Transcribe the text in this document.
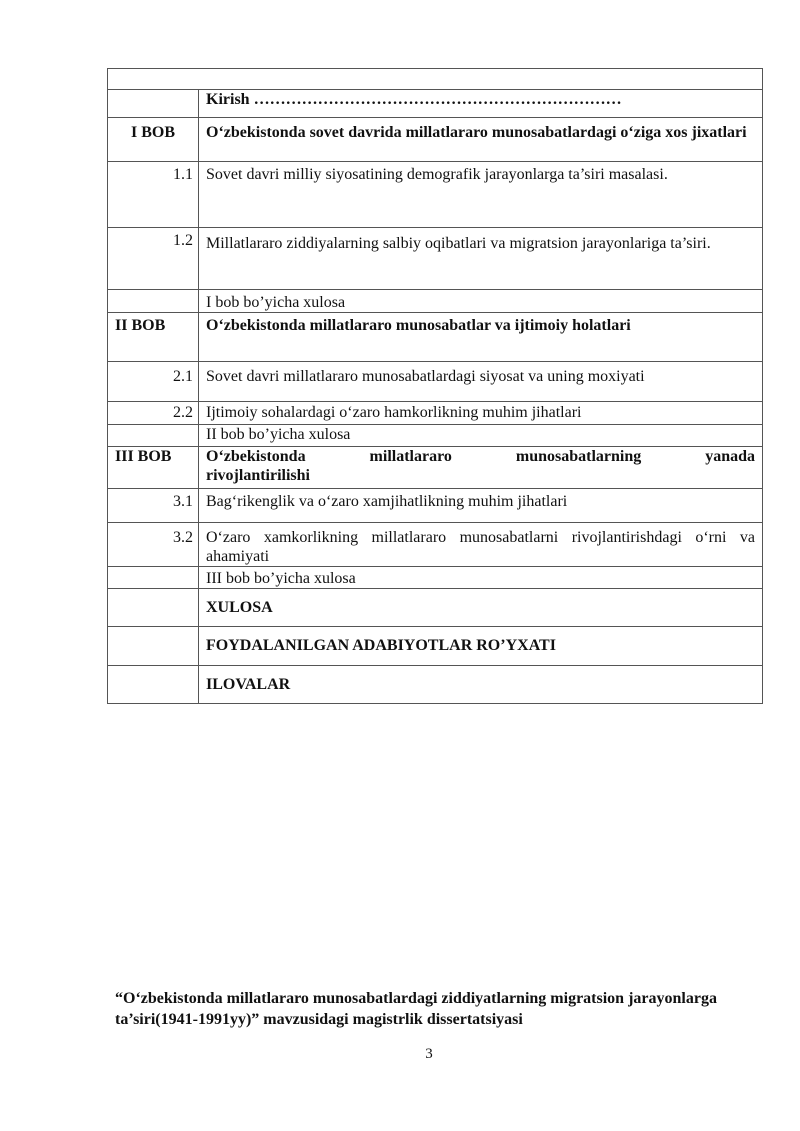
	Kirish ……………………………………………………………
I BOB	O‘zbekistonda sovet davrida millatlararo munosabatlardagi o‘ziga xos jixatlari
1.1	Sovet davri milliy siyosatining demografik jarayonlarga ta’siri masalasi.
1.2	Millatlararo ziddiyalarning salbiy oqibatlari va migratsion jarayonlariga ta’siri.
	I bob bo’yicha xulosa
II BOB	O‘zbekistonda millatlararo munosabatlar va ijtimoiy holatlari
2.1	Sovet davri millatlararo munosabatlardagi siyosat va uning moxiyati
2.2	Ijtimoiy sohalardagi o‘zaro hamkorlikning muhim jihatlari
	II bob bo’yicha xulosa
III BOB	O‘zbekistonda millatlararo munosabatlarning yanada
rivojlantirilishi

3.1	Bag‘rikenglik va o‘zaro xamjihatlikning muhim jihatlari
3.2	O‘zaro xamkorlikning millatlararo munosabatlarni rivojlantirishdagi o‘rni va ahamiyati
	III bob bo’yicha xulosa
	XULOSA
	FOYDALANILGAN ADABIYOTLAR RO’YXATI
	ILOVALAR
“O‘zbekistonda millatlararo munosabatlardagi ziddiyatlarning migratsion jarayonlarga ta’siri(1941-1991yy)” mavzusidagi magistrlik dissertatsiyasi
3
